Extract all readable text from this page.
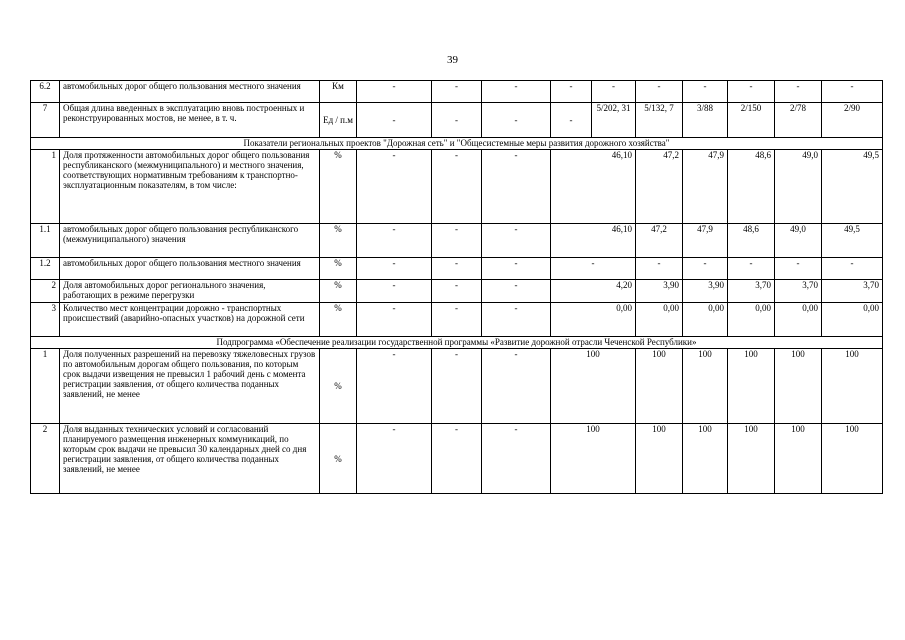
39
6.2	автомобильных дорог общего пользования местного значения	Км	-	-	-	-	-	-	-	-	-	-	
7	Общая длина введенных в эксплуатацию вновь построенных и реконструированных мостов, не менее, в т. ч.	Ед / п.м	-	-	-	-	5/202, 31	5/132, 7	3/88	2/150	2/78	2/90	
Показатели региональных проектов "Дорожная сеть" и "Общесистемные меры развития дорожного хозяйства"													
1	Доля протяженности автомобильных дорог общего пользования республиканского (межмуниципального) и местного значения, соответствующих нормативным требованиям к транспортно-эксплуатационным показателям, в том числе:	%	-	-	-	46,10		47,2	47,9	48,6	49,0	49,5	
1.1	автомобильных дорог общего пользования республиканского (межмуниципального) значения	%	-	-	-	46,10		47,2	47,9	48,6	49,0	49,5	
1.2	автомобильных дорог общего пользования местного значения	%	-	-	-	-		-	-	-	-	-	
2	Доля автомобильных дорог регионального значения, работающих в режиме перегрузки	%	-	-	-	4,20		3,90	3,90	3,70	3,70	3,70	
3	Количество мест концентрации дорожно - транспортных происшествий (аварийно-опасных участков) на дорожной сети	%	-	-	-	0,00		0,00	0,00	0,00	0,00	0,00	
Подпрограмма «Обеспечение реализации государственной программы «Развитие дорожной отрасли Чеченской Республики»													
1	Доля полученных разрешений на перевозку тяжеловесных грузов по автомобильным дорогам общего пользования, по которым срок выдачи извещения не превысил 1 рабочий день с момента регистрации заявления, от общего количества поданных заявлений, не менее	%	-	-	-	100		100	100	100	100	100	
2	Доля выданных технических условий и согласований планируемого размещения инженерных коммуникаций, по которым срок выдачи не превысил 30 календарных дней со дня регистрации заявления, от общего количества поданных заявлений, не менее	%	-	-	-	100		100	100	100	100	100	
